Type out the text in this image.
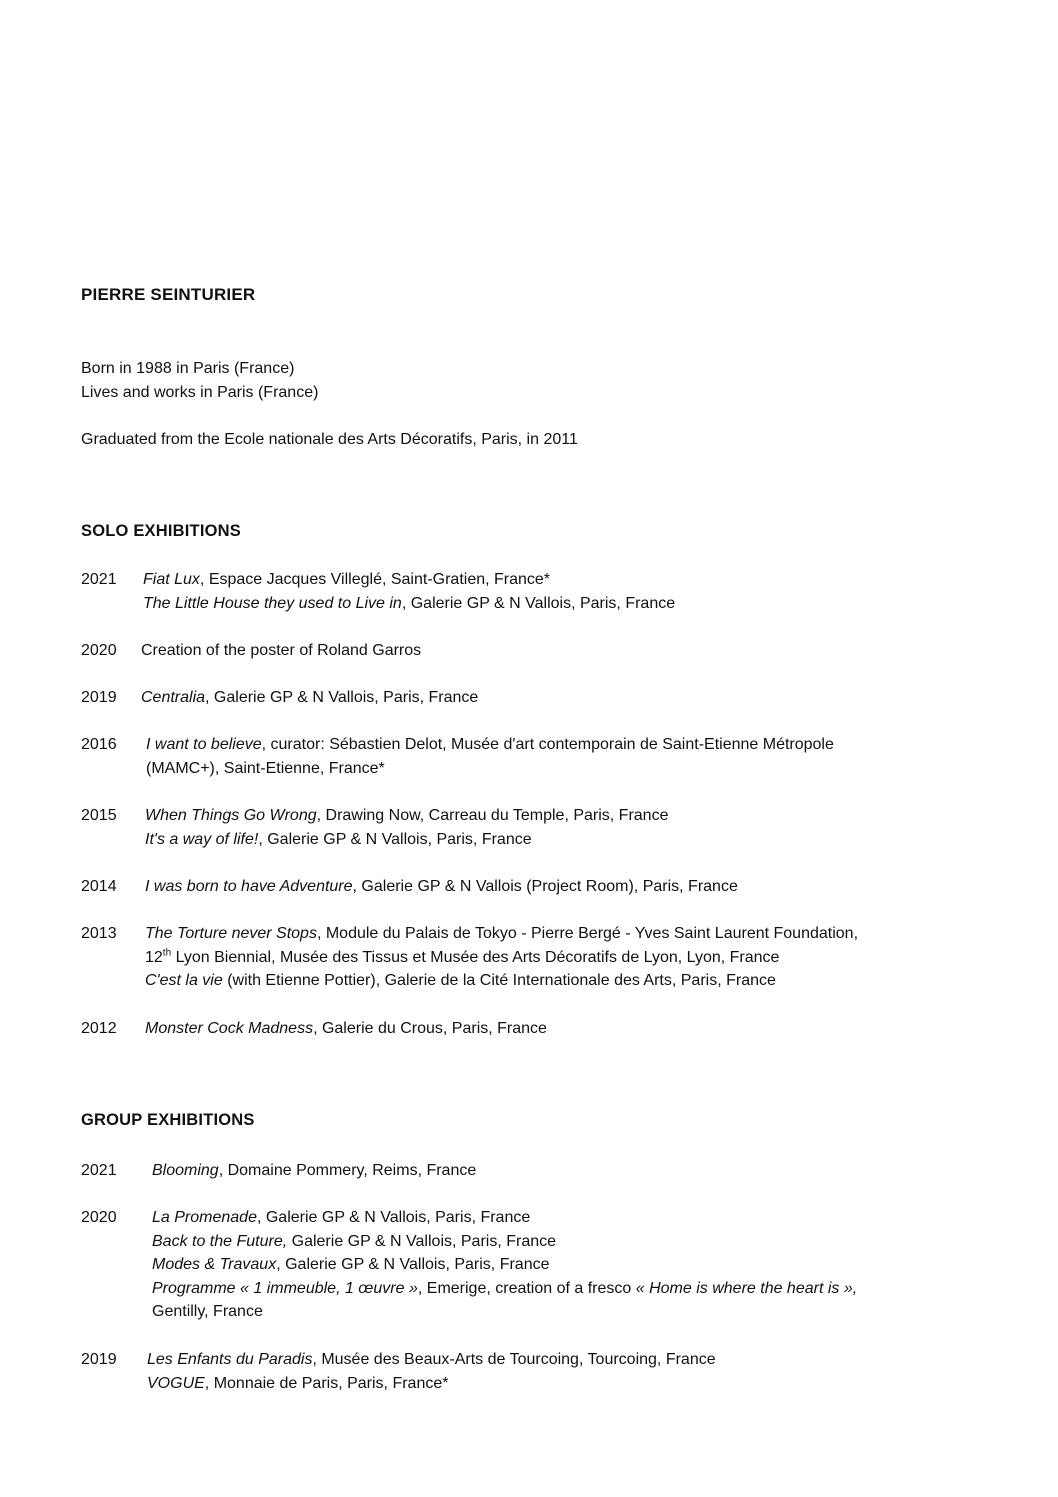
PIERRE SEINTURIER
Born in 1988 in Paris (France)
Lives and works in Paris (France)
Graduated from the Ecole nationale des Arts Décoratifs, Paris, in 2011
SOLO EXHIBITIONS
2021 Fiat Lux, Espace Jacques Villeglé, Saint-Gratien, France*
The Little House they used to Live in, Galerie GP & N Vallois, Paris, France
2020 Creation of the poster of Roland Garros
2019 Centralia, Galerie GP & N Vallois, Paris, France
2016 I want to believe, curator: Sébastien Delot, Musée d'art contemporain de Saint-Etienne Métropole
(MAMC+), Saint-Etienne, France*
2015 When Things Go Wrong, Drawing Now, Carreau du Temple, Paris, France
It's a way of life!, Galerie GP & N Vallois, Paris, France
2014 I was born to have Adventure, Galerie GP & N Vallois (Project Room), Paris, France
2013 The Torture never Stops, Module du Palais de Tokyo - Pierre Bergé - Yves Saint Laurent Foundation,
12th Lyon Biennial, Musée des Tissus et Musée des Arts Décoratifs de Lyon, Lyon, France
C'est la vie (with Etienne Pottier), Galerie de la Cité Internationale des Arts, Paris, France
2012 Monster Cock Madness, Galerie du Crous, Paris, France
GROUP EXHIBITIONS
2021 Blooming, Domaine Pommery, Reims, France
2020 La Promenade, Galerie GP & N Vallois, Paris, France
Back to the Future, Galerie GP & N Vallois, Paris, France
Modes & Travaux, Galerie GP & N Vallois, Paris, France
Programme « 1 immeuble, 1 œuvre », Emerige, creation of a fresco « Home is where the heart is »,
Gentilly, France
2019 Les Enfants du Paradis, Musée des Beaux-Arts de Tourcoing, Tourcoing, France
VOGUE, Monnaie de Paris, Paris, France*
